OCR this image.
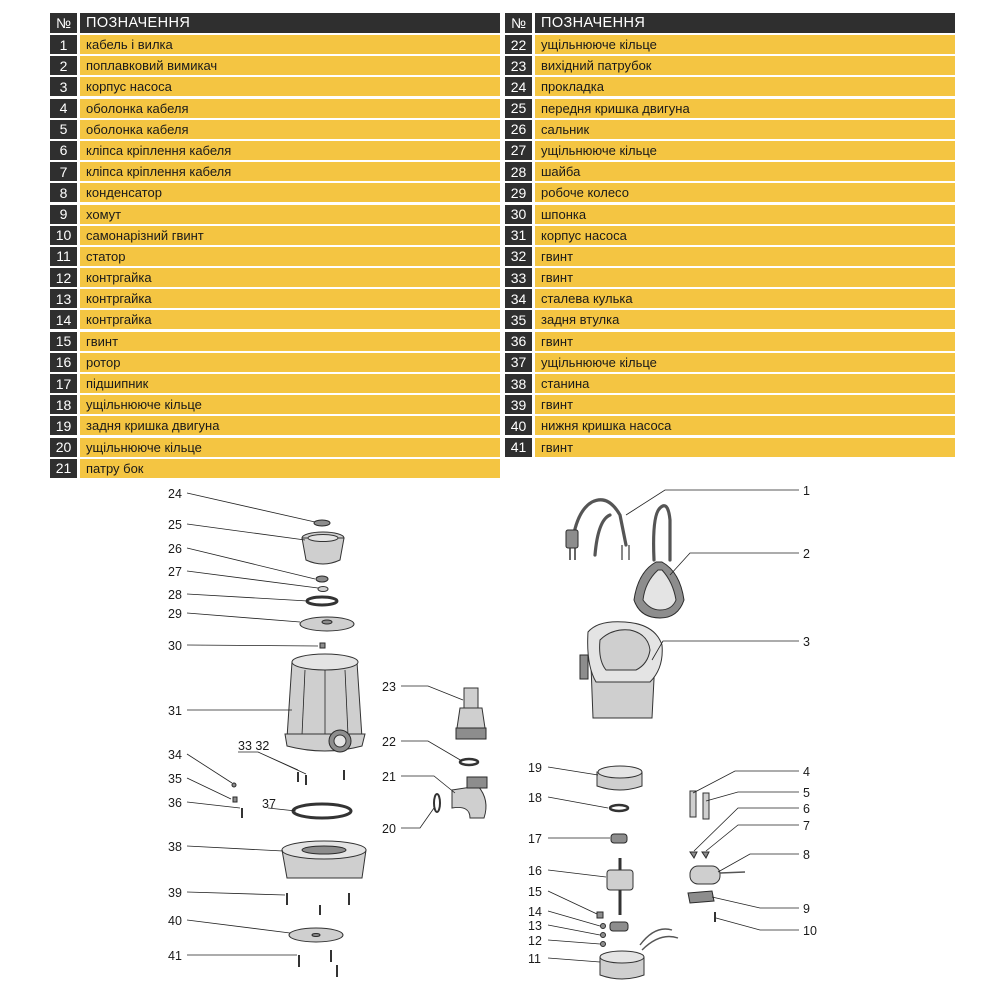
№	ПОЗНАЧЕННЯ
1	кабель і вилка
2	поплавковий вимикач
3	корпус насоса
4	оболонка кабеля
5	оболонка кабеля
6	кліпса кріплення кабеля
7	кліпса кріплення кабеля
8	конденсатор
9	хомут
10	самонарізний гвинт
11	статор
12	контргайка
13	контргайка
14	контргайка
15	гвинт
16	ротор
17	підшипник
18	ущільнююче кільце
19	задня кришка двигуна
20	ущільнююче кільце
21	патру бок
№	ПОЗНАЧЕННЯ
22	ущільнююче кільце
23	вихідний патрубок
24	прокладка
25	передня кришка двигуна
26	сальник
27	ущільнююче кільце
28	шайба
29	робоче колесо
30	шпонка
31	корпус насоса
32	гвинт
33	гвинт
34	сталева кулька
35	задня втулка
36	гвинт
37	ущільнююче кільце
38	станина
39	гвинт
40	нижня кришка насоса
41	гвинт
24
25
26
27
28
29
30
31
34
33 32
35
36	37
38
39
40
41
23
22
21
20
1
2
3
19
18
17
16
15
14
13
12
11
4
5
6
7
8
9
10
